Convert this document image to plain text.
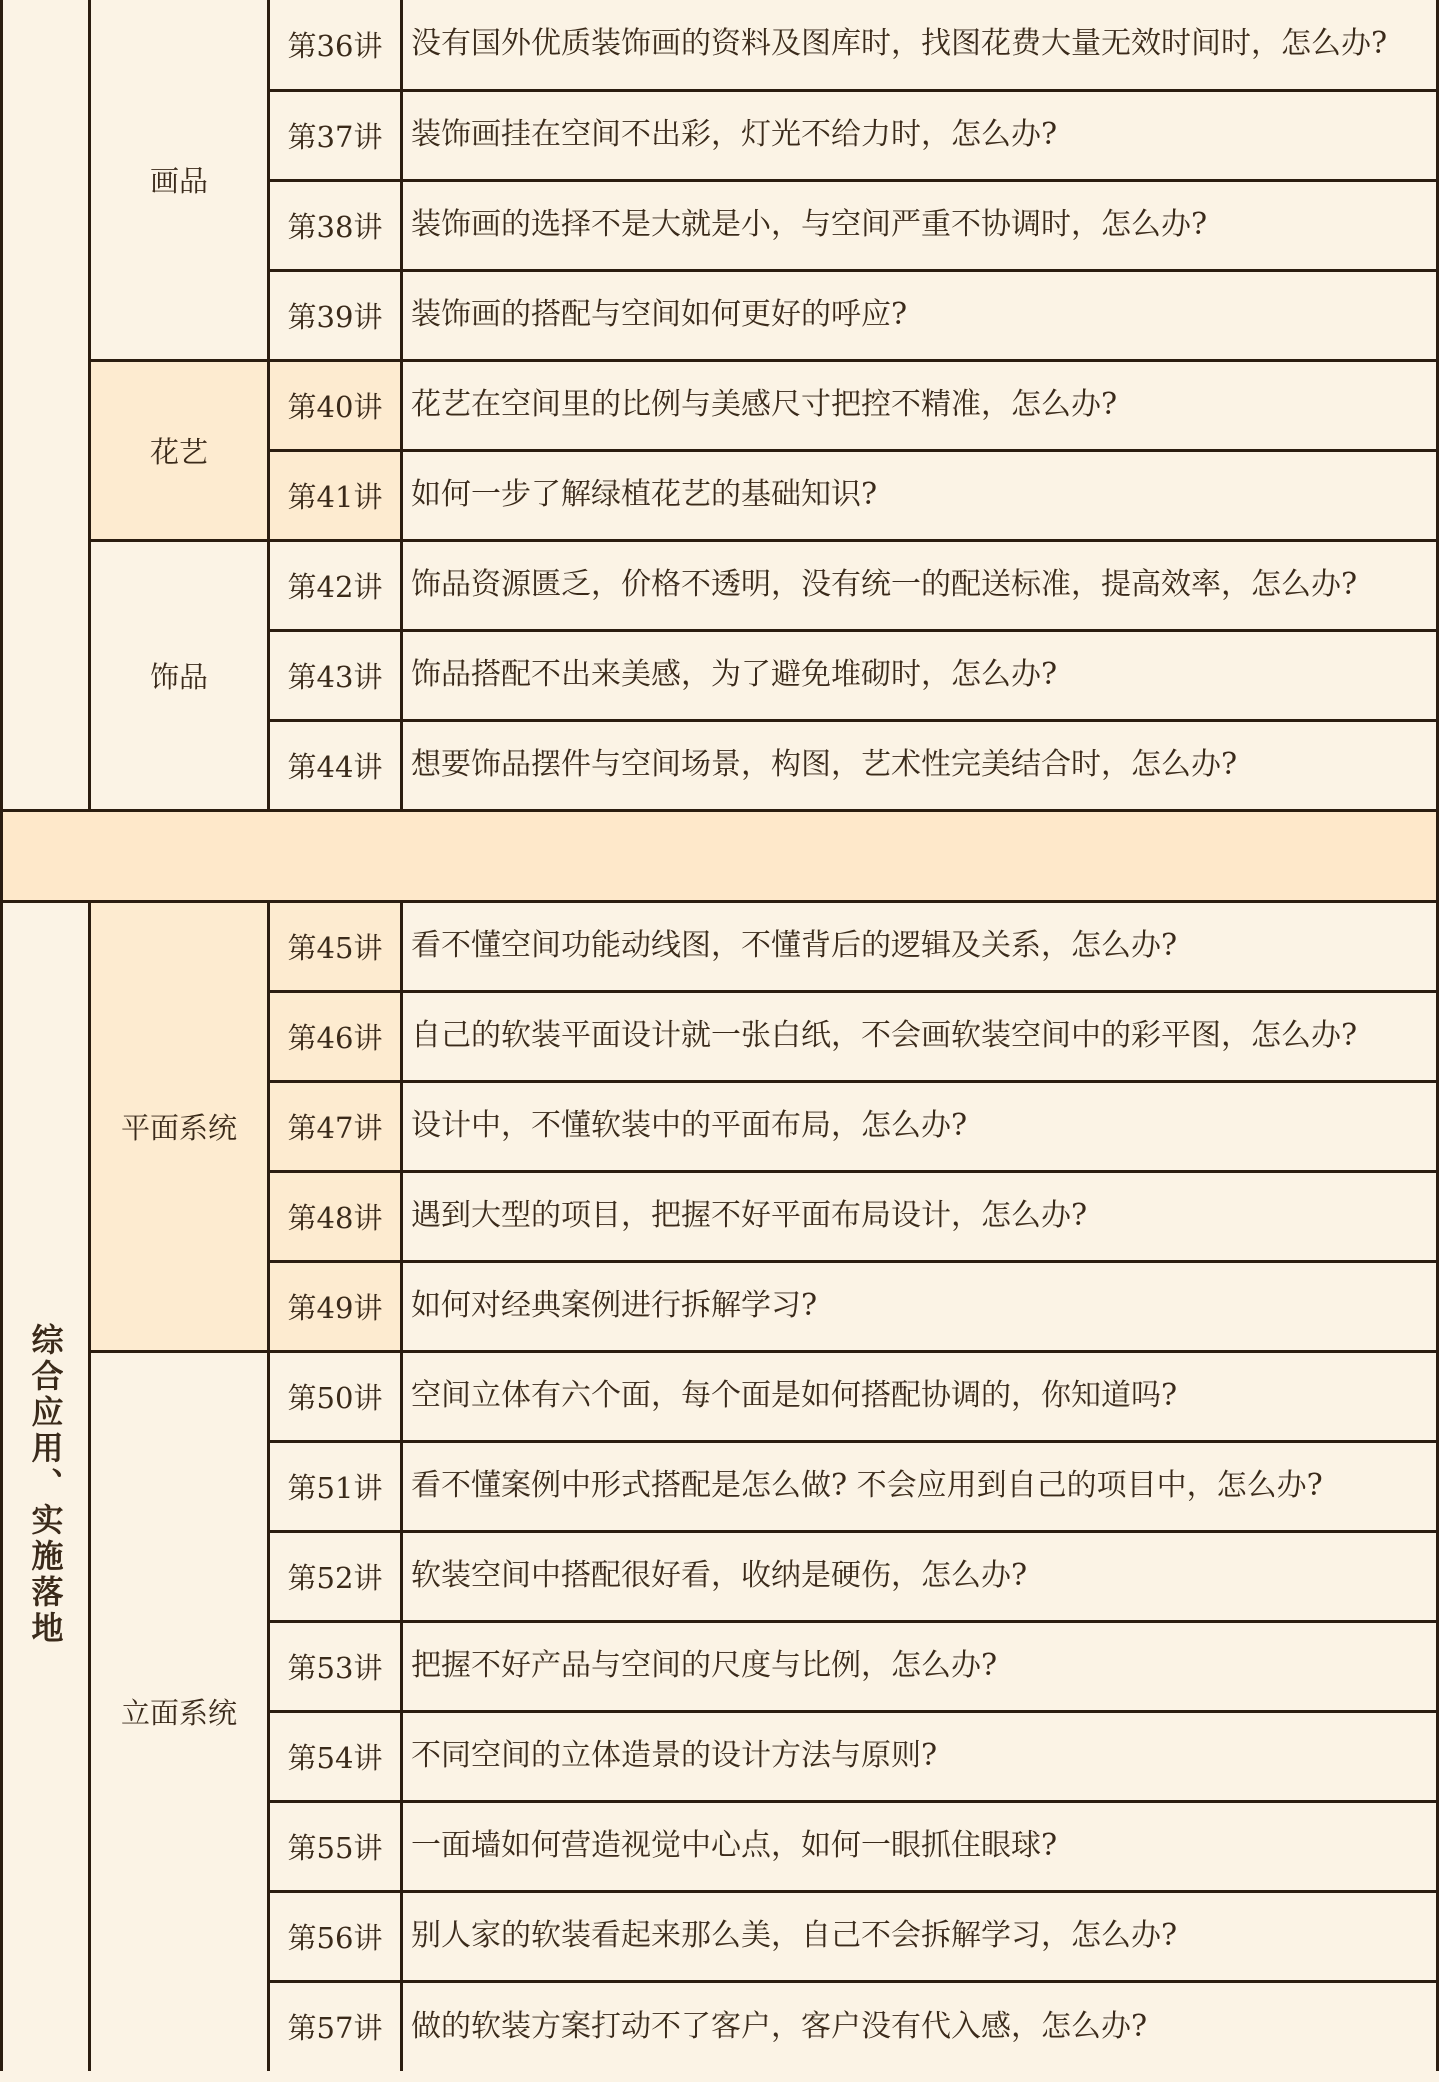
	画品	第36讲	没有国外优质装饰画的资料及图库时，找图花费大量无效时间时，怎么办?
		第37讲	装饰画挂在空间不出彩，灯光不给力时，怎么办?
		第38讲	装饰画的选择不是大就是小，与空间严重不协调时，怎么办?
		第39讲	装饰画的搭配与空间如何更好的呼应?
	花艺	第40讲	花艺在空间里的比例与美感尺寸把控不精准，怎么办?
		第41讲	如何一步了解绿植花艺的基础知识?
	饰品	第42讲	饰品资源匮乏，价格不透明，没有统一的配送标准，提高效率，怎么办?
		第43讲	饰品搭配不出来美感，为了避免堆砌时，怎么办?
		第44讲	想要饰品摆件与空间场景，构图，艺术性完美结合时，怎么办?

综合应用、实施落地	平面系统	第45讲	看不懂空间功能动线图，不懂背后的逻辑及关系，怎么办?
		第46讲	自己的软装平面设计就一张白纸，不会画软装空间中的彩平图，怎么办?
		第47讲	设计中，不懂软装中的平面布局，怎么办?
		第48讲	遇到大型的项目，把握不好平面布局设计，怎么办?
		第49讲	如何对经典案例进行拆解学习?
	立面系统	第50讲	空间立体有六个面，每个面是如何搭配协调的，你知道吗?
		第51讲	看不懂案例中形式搭配是怎么做? 不会应用到自己的项目中，怎么办?
		第52讲	软装空间中搭配很好看，收纳是硬伤，怎么办?
		第53讲	把握不好产品与空间的尺度与比例，怎么办?
		第54讲	不同空间的立体造景的设计方法与原则?
		第55讲	一面墙如何营造视觉中心点，如何一眼抓住眼球?
		第56讲	别人家的软装看起来那么美，自己不会拆解学习，怎么办?
		第57讲	做的软装方案打动不了客户，客户没有代入感，怎么办?
